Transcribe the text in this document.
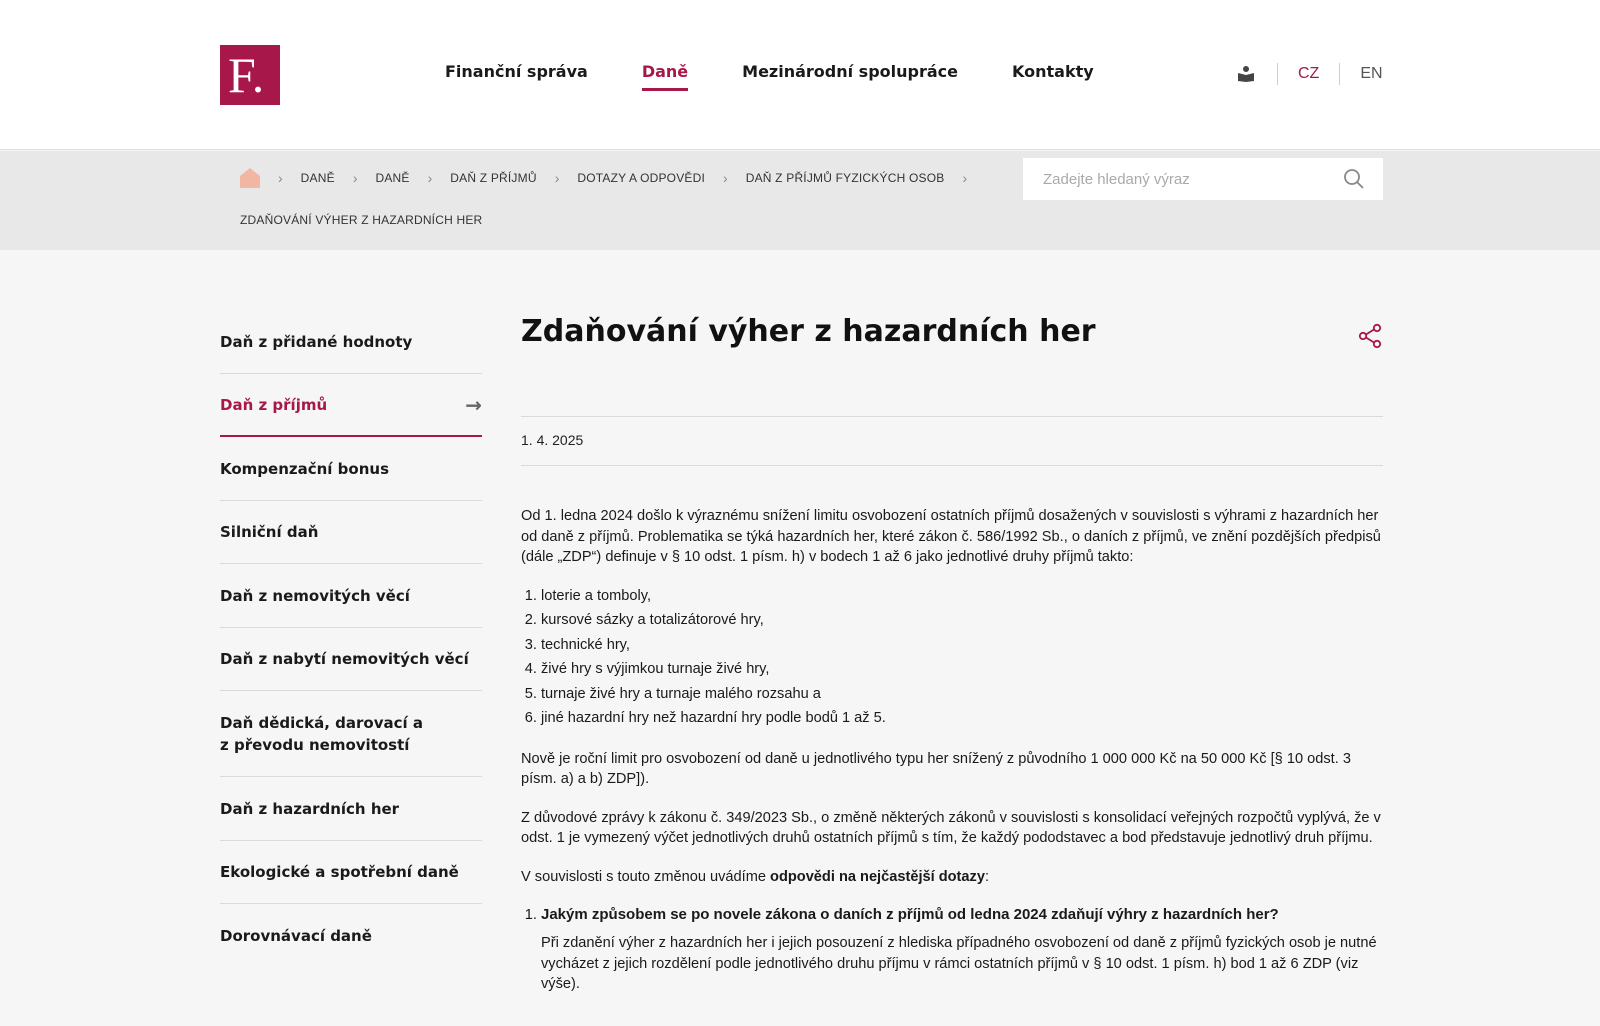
F.	Finanční správa	Daně	Mezinárodní spolupráce	Kontakty	CZ	EN
› DANĚ › DANĚ › DAŇ Z PŘÍJMŮ › DOTAZY A ODPOVĚDI › DAŇ Z PŘÍJMŮ FYZICKÝCH OSOB ›
ZDAŇOVÁNÍ VÝHER Z HAZARDNÍCH HER
Zadejte hledaný výraz
Daň z přidané hodnoty
Daň z příjmů	→
Kompenzační bonus
Silniční daň
Daň z nemovitých věcí
Daň z nabytí nemovitých věcí
Daň dědická, darovací a z převodu nemovitostí
Daň z hazardních her
Ekologické a spotřební daně
Dorovnávací daně
Zdaňování výher z hazardních her
1. 4. 2025

Od 1. ledna 2024 došlo k výraznému snížení limitu osvobození ostatních příjmů dosažených v souvislosti s výhrami z hazardních her od daně z příjmů. Problematika se týká hazardních her, které zákon č. 586/1992 Sb., o daních z příjmů, ve znění pozdějších předpisů (dále „ZDP“) definuje v § 10 odst. 1 písm. h) v bodech 1 až 6 jako jednotlivé druhy příjmů takto:

1. loterie a tomboly,
2. kursové sázky a totalizátorové hry,
3. technické hry,
4. živé hry s výjimkou turnaje živé hry,
5. turnaje živé hry a turnaje malého rozsahu a
6. jiné hazardní hry než hazardní hry podle bodů 1 až 5.

Nově je roční limit pro osvobození od daně u jednotlivého typu her snížený z původního 1 000 000 Kč na 50 000 Kč [§ 10 odst. 3 písm. a) a b) ZDP]).

Z důvodové zprávy k zákonu č. 349/2023 Sb., o změně některých zákonů v souvislosti s konsolidací veřejných rozpočtů vyplývá, že v odst. 1 je vymezený výčet jednotlivých druhů ostatních příjmů s tím, že každý pododstavec a bod představuje jednotlivý druh příjmu.

V souvislosti s touto změnou uvádíme odpovědi na nejčastější dotazy:

1. Jakým způsobem se po novele zákona o daních z příjmů od ledna 2024 zdaňují výhry z hazardních her?
Při zdanění výher z hazardních her i jejich posouzení z hlediska případného osvobození od daně z příjmů fyzických osob je nutné vycházet z jejich rozdělení podle jednotlivého druhu příjmu v rámci ostatních příjmů v § 10 odst. 1 písm. h) bod 1 až 6 ZDP (viz výše).
